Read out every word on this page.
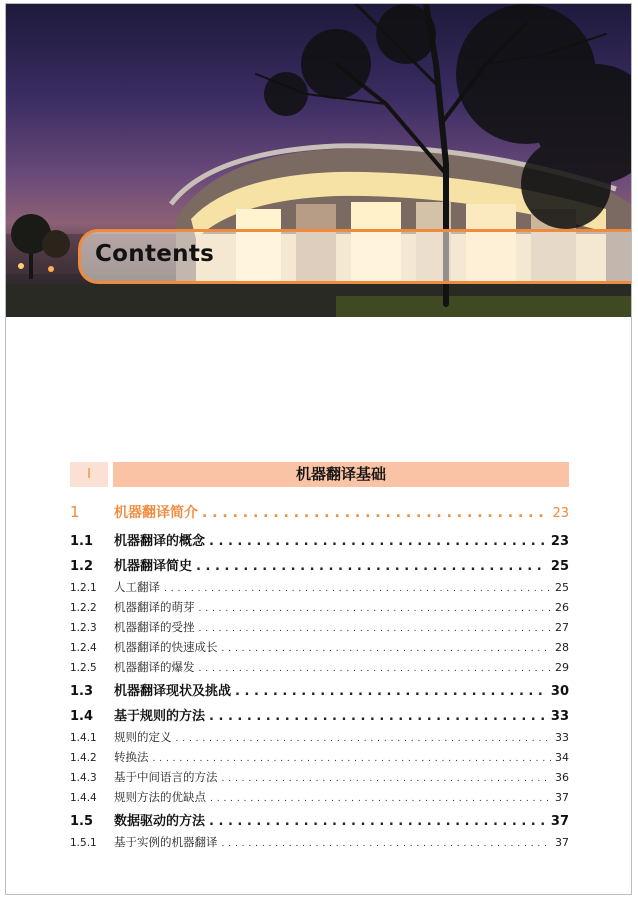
Contents
I	机器翻译基础
1	机器翻译简介 . . .	23
1.1	机器翻译的概念 . . .	23
1.2	机器翻译简史 . . .	25
1.2.1	人工翻译 . . .	25
1.2.2	机器翻译的萌芽 . . .	26
1.2.3	机器翻译的受挫 . . .	27
1.2.4	机器翻译的快速成长 . . .	28
1.2.5	机器翻译的爆发 . . .	29
1.3	机器翻译现状及挑战 . . .	30
1.4	基于规则的方法 . . .	33
1.4.1	规则的定义 . . .	33
1.4.2	转换法 . . .	34
1.4.3	基于中间语言的方法 . . .	36
1.4.4	规则方法的优缺点 . . .	37
1.5	数据驱动的方法 . . .	37
1.5.1	基于实例的机器翻译 . . .	37
